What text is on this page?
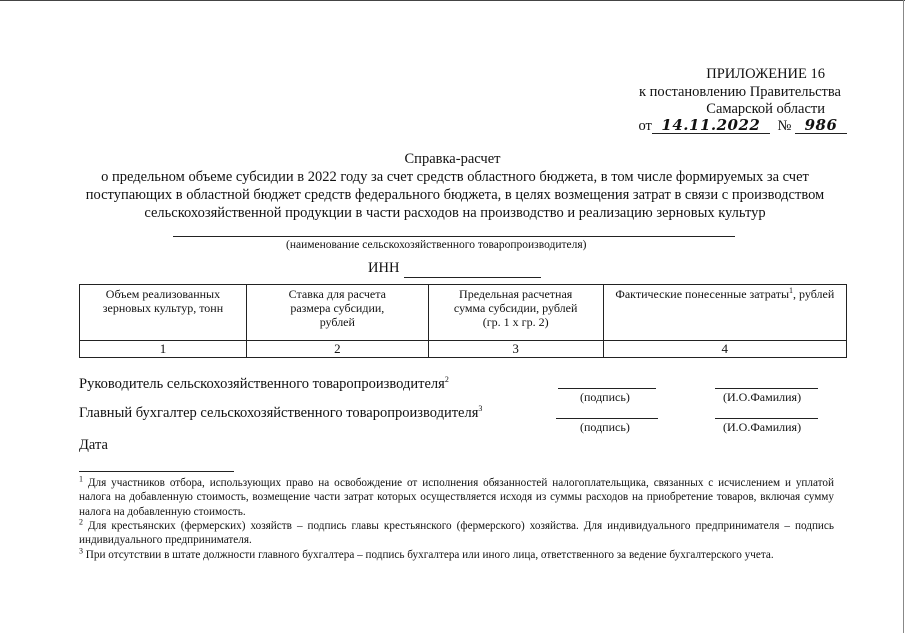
ПРИЛОЖЕНИЕ 16
к постановлению Правительства
Самарской области
от 14.11.2022 № 986
Справка-расчет
о предельном объеме субсидии в 2022 году за счет средств областного бюджета, в том числе формируемых за счет поступающих в областной бюджет средств федерального бюджета, в целях возмещения затрат в связи с производством сельскохозяйственной продукции в части расходов на производство и реализацию зерновых культур
(наименование сельскохозяйственного товаропроизводителя)
ИНН
Объем реализованных зерновых культур, тонн	Ставка для расчета размера субсидии, рублей	Предельная расчетная сумма субсидии, рублей (гр. 1 х гр. 2)	Фактические понесенные затраты$^1$, рублей
1	2	3	4
Руководитель сельскохозяйственного товаропроизводителя$^2$
(подпись)	(И.О.Фамилия)
Главный бухгалтер сельскохозяйственного товаропроизводителя$^3$
(подпись)	(И.О.Фамилия)
Дата
$^1$ Для участников отбора, использующих право на освобождение от исполнения обязанностей налогоплательщика, связанных с исчислением и уплатой налога на добавленную стоимость, возмещение части затрат которых осуществляется исходя из суммы расходов на приобретение товаров, включая сумму налога на добавленную стоимость.
$^2$ Для крестьянских (фермерских) хозяйств – подпись главы крестьянского (фермерского) хозяйства. Для индивидуального предпринимателя – подпись индивидуального предпринимателя.
$^3$ При отсутствии в штате должности главного бухгалтера – подпись бухгалтера или иного лица, ответственного за ведение бухгалтерского учета.
